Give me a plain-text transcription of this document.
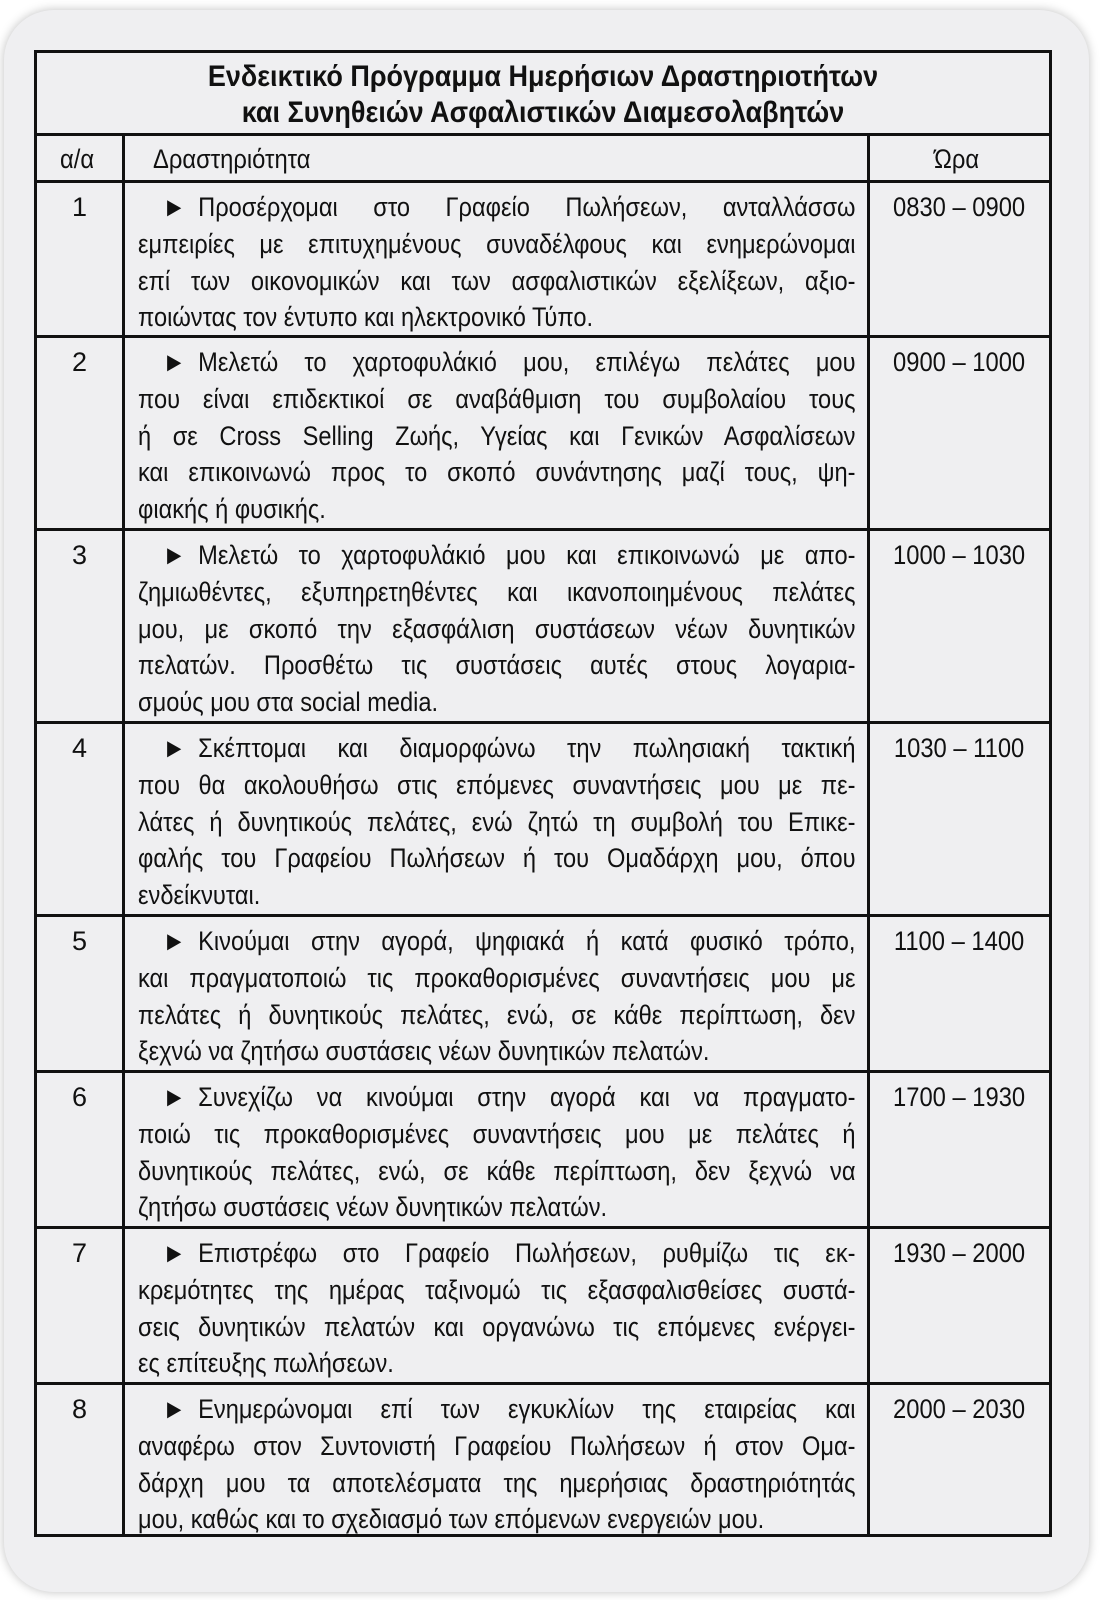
Ενδεικτικό Πρόγραμμα Ημερήσιων Δραστηριοτήτων
και Συνηθειών Ασφαλιστικών Διαμεσολαβητών
α/α	Δραστηριότητα	Ώρα
1	► Προσέρχομαι στο Γραφείο Πωλήσεων, ανταλλάσσω
εμπειρίες με επιτυχημένους συναδέλφους και ενημερώνομαι
επί των οικονομικών και των ασφαλιστικών εξελίξεων, αξιο-
ποιώντας τον έντυπο και ηλεκτρονικό Τύπο.
0830 – 0900
2	► Μελετώ το χαρτοφυλάκιό μου, επιλέγω πελάτες μου
που είναι επιδεκτικοί σε αναβάθμιση του συμβολαίου τους
ή σε Cross Selling Ζωής, Υγείας και Γενικών Ασφαλίσεων
και επικοινωνώ προς το σκοπό συνάντησης μαζί τους, ψη-
φιακής ή φυσικής.
0900 – 1000
3	► Μελετώ το χαρτοφυλάκιό μου και επικοινωνώ με απο-
ζημιωθέντες, εξυπηρετηθέντες και ικανοποιημένους πελάτες
μου, με σκοπό την εξασφάλιση συστάσεων νέων δυνητικών
πελατών. Προσθέτω τις συστάσεις αυτές στους λογαρια-
σμούς μου στα social media.
1000 – 1030
4	► Σκέπτομαι και διαμορφώνω την πωλησιακή τακτική
που θα ακολουθήσω στις επόμενες συναντήσεις μου με πε-
λάτες ή δυνητικούς πελάτες, ενώ ζητώ τη συμβολή του Επικε-
φαλής του Γραφείου Πωλήσεων ή του Ομαδάρχη μου, όπου
ενδείκνυται.
1030 – 1100
5	► Κινούμαι στην αγορά, ψηφιακά ή κατά φυσικό τρόπο,
και πραγματοποιώ τις προκαθορισμένες συναντήσεις μου με
πελάτες ή δυνητικούς πελάτες, ενώ, σε κάθε περίπτωση, δεν
ξεχνώ να ζητήσω συστάσεις νέων δυνητικών πελατών.
1100 – 1400
6	► Συνεχίζω να κινούμαι στην αγορά και να πραγματο-
ποιώ τις προκαθορισμένες συναντήσεις μου με πελάτες ή
δυνητικούς πελάτες, ενώ, σε κάθε περίπτωση, δεν ξεχνώ να
ζητήσω συστάσεις νέων δυνητικών πελατών.
1700 – 1930
7	► Επιστρέφω στο Γραφείο Πωλήσεων, ρυθμίζω τις εκ-
κρεμότητες της ημέρας ταξινομώ τις εξασφαλισθείσες συστά-
σεις δυνητικών πελατών και οργανώνω τις επόμενες ενέργει-
ες επίτευξης πωλήσεων.
1930 – 2000
8	► Ενημερώνομαι επί των εγκυκλίων της εταιρείας και
αναφέρω στον Συντονιστή Γραφείου Πωλήσεων ή στον Ομα-
δάρχη μου τα αποτελέσματα της ημερήσιας δραστηριότητάς
μου, καθώς και το σχεδιασμό των επόμενων ενεργειών μου.
2000 – 2030
